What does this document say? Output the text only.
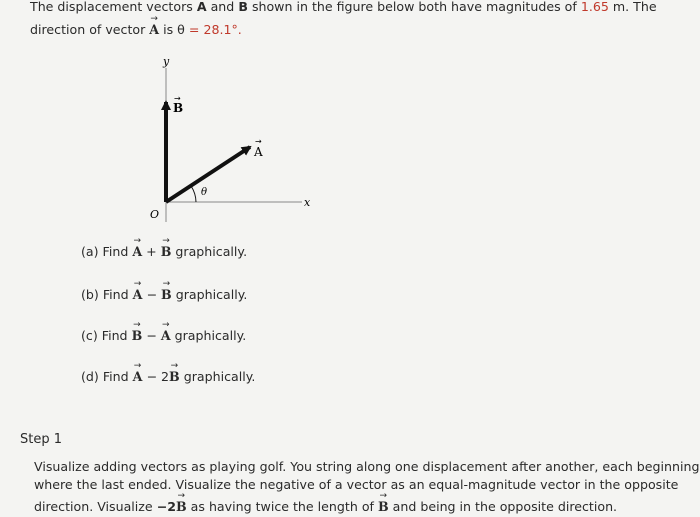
The displacement vectors A and B shown in the figure below both have magnitudes of 1.65 m. The
direction of vector → A is θ = 28.1°.
y
x
O
B
→
A
→
θ
(a) Find → A + → B graphically.
(b) Find → A − → B graphically.
(c) Find → B − → A graphically.
(d) Find → A − 2→ B graphically.
Step 1
Visualize adding vectors as playing golf. You string along one displacement after another, each beginning
where the last ended. Visualize the negative of a vector as an equal-magnitude vector in the opposite
direction. Visualize −2→ B as having twice the length of → B and being in the opposite direction.
